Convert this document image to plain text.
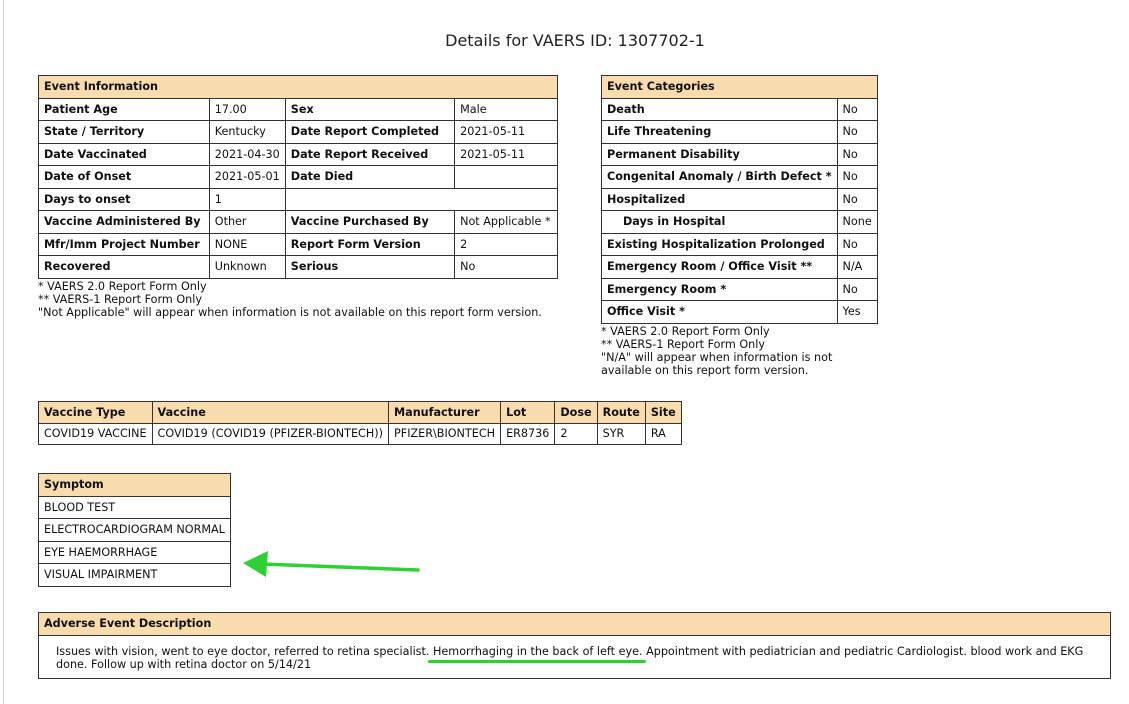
Details for VAERS ID: 1307702-1
Event Information			
Patient Age	17.00	Sex	Male
State / Territory	Kentucky	Date Report Completed	2021-05-11
Date Vaccinated	2021-04-30	Date Report Received	2021-05-11
Date of Onset	2021-05-01	Date Died	
Days to onset	1		
Vaccine Administered By	Other	Vaccine Purchased By	Not Applicable *
Mfr/Imm Project Number	NONE	Report Form Version	2
Recovered	Unknown	Serious	No
* VAERS 2.0 Report Form Only
** VAERS-1 Report Form Only
"Not Applicable" will appear when information is not available on this report form version.
Event Categories	
Death	No
Life Threatening	No
Permanent Disability	No
Congenital Anomaly / Birth Defect *	No
Hospitalized	No
Days in Hospital	None
Existing Hospitalization Prolonged	No
Emergency Room / Office Visit **	N/A
Emergency Room *	No
Office Visit *	Yes
* VAERS 2.0 Report Form Only
** VAERS-1 Report Form Only
"N/A" will appear when information is not
available on this report form version.
Vaccine Type	Vaccine	Manufacturer	Lot	Dose	Route	Site
COVID19 VACCINE	COVID19 (COVID19 (PFIZER-BIONTECH))	PFIZER\BIONTECH	ER8736	2	SYR	RA
Symptom
BLOOD TEST
ELECTROCARDIOGRAM NORMAL
EYE HAEMORRHAGE
VISUAL IMPAIRMENT
Adverse Event Description
Issues with vision, went to eye doctor, referred to retina specialist. Hemorrhaging in the back of left eye. Appointment with pediatrician and pediatric Cardiologist. blood work and EKG done. Follow up with retina doctor on 5/14/21
